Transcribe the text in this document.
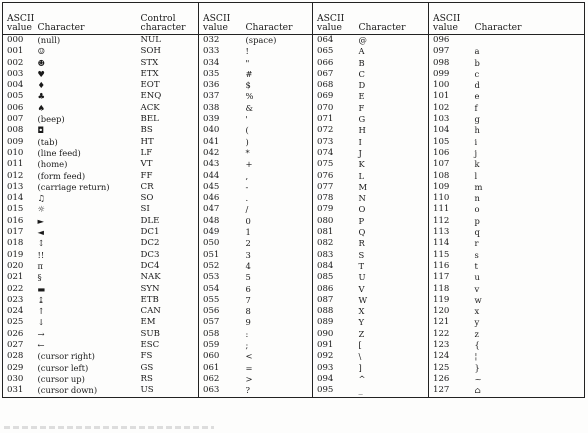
ASCII value	Character	Control character	ASCII value	Character	ASCII value	Character	ASCII value	Character
000	(null)	NUL	032	(space)	064	@	096	
001	☺	SOH	033	!	065	A	097	a
002	☻	STX	034	"	066	B	098	b
003	♥	ETX	035	#	067	C	099	c
004	♦	EOT	036	$	068	D	100	d
005	♣	ENQ	037	%	069	E	101	e
006	♠	ACK	038	&	070	F	102	f
007	(beep)	BEL	039	'	071	G	103	g
008	◘	BS	040	(	072	H	104	h
009	(tab)	HT	041	)	073	I	105	i
010	(line feed)	LF	042	*	074	J	106	j
011	(home)	VT	043	+	075	K	107	k
012	(form feed)	FF	044	,	076	L	108	l
013	(carriage return)	CR	045	-	077	M	109	m
014	♫	SO	046	.	078	N	110	n
015	☼	SI	047	/	079	O	111	o
016	►	DLE	048	0	080	P	112	p
017	◄	DC1	049	1	081	Q	113	q
018	↕	DC2	050	2	082	R	114	r
019	!!	DC3	051	3	083	S	115	s
020	π	DC4	052	4	084	T	116	t
021	§	NAK	053	5	085	U	117	u
022	▬	SYN	054	6	086	V	118	v
023	↨	ETB	055	7	087	W	119	w
024	↑	CAN	056	8	088	X	120	x
025	↓	EM	057	9	089	Y	121	y
026	→	SUB	058	:	090	Z	122	z
027	←	ESC	059	;	091	[	123	{
028	(cursor right)	FS	060	<	092	\	124	¦
029	(cursor left)	GS	061	=	093	]	125	}
030	(cursor up)	RS	062	>	094	^	126	~
031	(cursor down)	US	063	?	095	_	127	⌂
